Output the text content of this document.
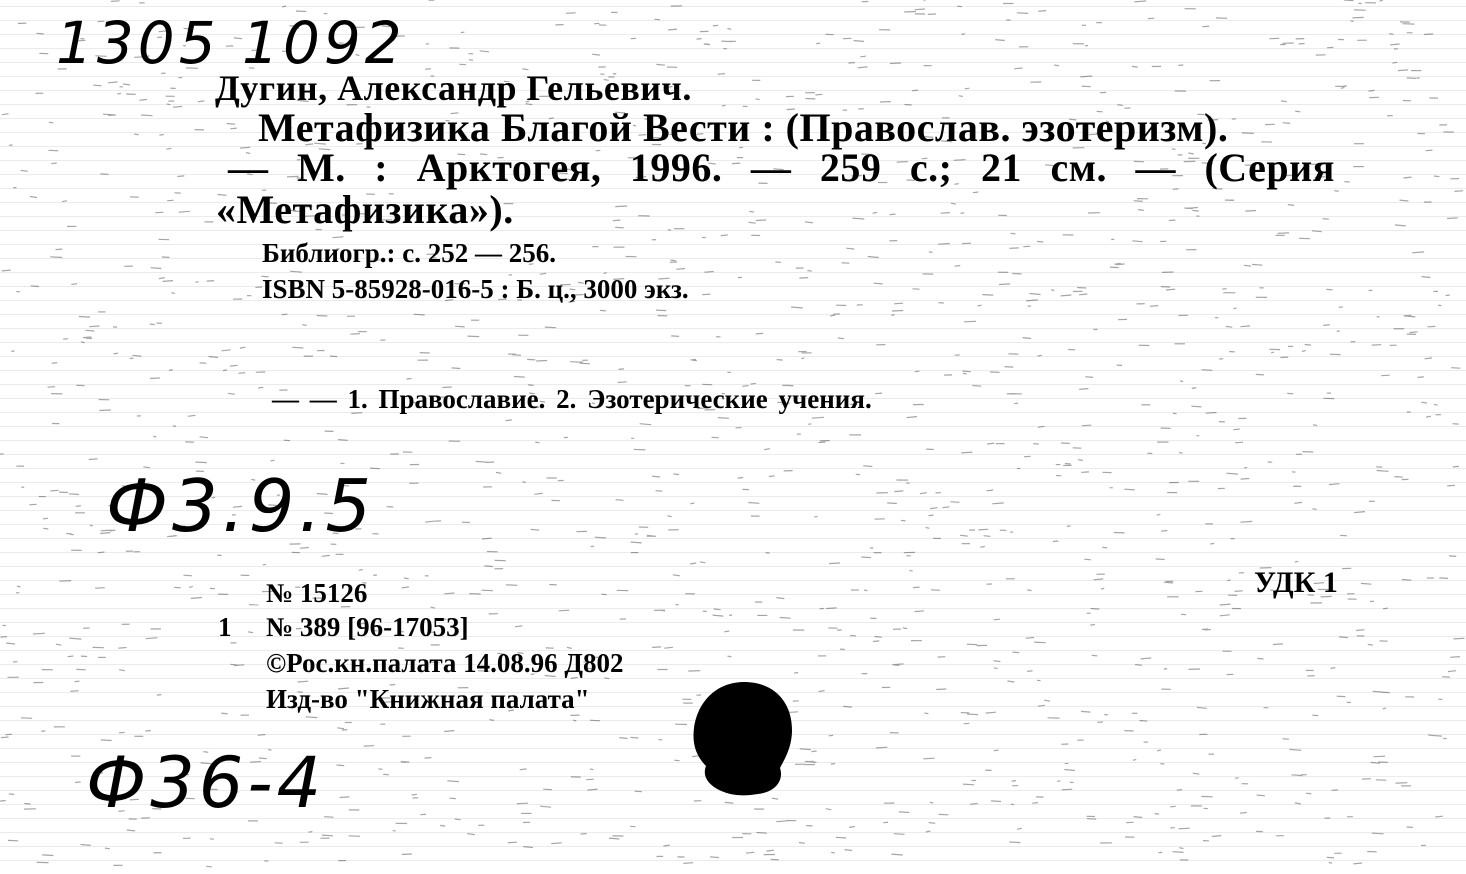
1305 1092
Дугин, Александр Гельевич.
Метафизика Благой Вести : (Православ. эзотеризм).
— М. : Арктогея, 1996. — 259 с.; 21 см. — (Серия
«Метафизика»).
Библиогр.: с. 252 — 256.
ISBN 5-85928-016-5 : Б. ц., 3000 экз.
— — 1. Православие. 2. Эзотерические учения.
Ф3.9.5
УДК 1
№ 15126
1 № 389 [96-17053]
©Рос.кн.палата 14.08.96 Д802
Изд-во "Книжная палата"
Ф36-4
